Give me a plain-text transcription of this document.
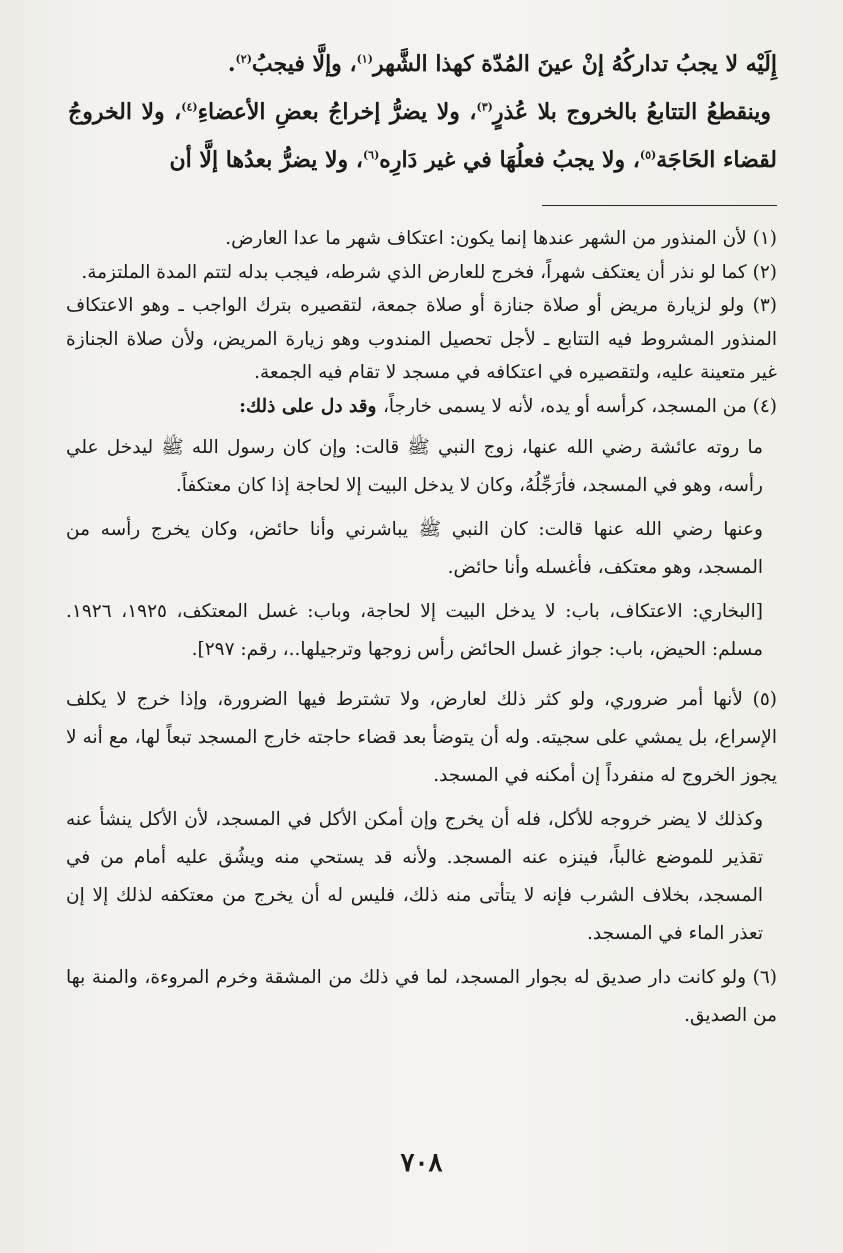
إِلَيْه لا يجبُ تداركُهُ إنْ عينَ المُدّة كهذا الشَّهر$^{(١)}$، وإلَّا فيجبُ$^{(٢)}$.

وينقطعُ التتابعُ بالخروج بلا عُذرٍ$^{(٣)}$، ولا يضرُّ إخراجُ بعضِ الأعضاءِ$^{(٤)}$، ولا الخروجُ لقضاء الحَاجَة$^{(٥)}$، ولا يجبُ فعلُهَا في غير دَارِه$^{(٦)}$، ولا يضرُّ بعدُها إلَّا أن

(١) لأن المنذور من الشهر عندها إنما يكون: اعتكاف شهر ما عدا العارض.

(٢) كما لو نذر أن يعتكف شهراً، فخرج للعارض الذي شرطه، فيجب بدله لتتم المدة الملتزمة.

(٣) ولو لزيارة مريض أو صلاة جنازة أو صلاة جمعة، لتقصيره بترك الواجب ـ وهو الاعتكاف المنذور المشروط فيه التتابع ـ لأجل تحصيل المندوب وهو زيارة المريض، ولأن صلاة الجنازة غير متعينة عليه، ولتقصيره في اعتكافه في مسجد لا تقام فيه الجمعة.

(٤) من المسجد، كرأسه أو يده، لأنه لا يسمى خارجاً، وقد دل على ذلك:

ما روته عائشة رضي الله عنها، زوج النبي ﷺ قالت: وإن كان رسول الله ﷺ ليدخل علي رأسه، وهو في المسجد، فأرَجِّلُهُ، وكان لا يدخل البيت إلا لحاجة إذا كان معتكفاً.

وعنها رضي الله عنها قالت: كان النبي ﷺ يباشرني وأنا حائض، وكان يخرج رأسه من المسجد، وهو معتكف، فأغسله وأنا حائض.

[البخاري: الاعتكاف، باب: لا يدخل البيت إلا لحاجة، وباب: غسل المعتكف، ١٩٢٥، ١٩٢٦. مسلم: الحيض، باب: جواز غسل الحائض رأس زوجها وترجيلها..، رقم: ٢٩٧].

(٥) لأنها أمر ضروري، ولو كثر ذلك لعارض، ولا تشترط فيها الضرورة، وإذا خرج لا يكلف الإسراع، بل يمشي على سجيته. وله أن يتوضأ بعد قضاء حاجته خارج المسجد تبعاً لها، مع أنه لا يجوز الخروج له منفرداً إن أمكنه في المسجد.

وكذلك لا يضر خروجه للأكل، فله أن يخرج وإن أمكن الأكل في المسجد، لأن الأكل ينشأ عنه تقذير للموضع غالباً، فينزه عنه المسجد. ولأنه قد يستحي منه ويشُق عليه أمام من في المسجد، بخلاف الشرب فإنه لا يتأتى منه ذلك، فليس له أن يخرج من معتكفه لذلك إلا إن تعذر الماء في المسجد.

(٦) ولو كانت دار صديق له بجوار المسجد، لما في ذلك من المشقة وخرم المروءة، والمنة بها من الصديق.

٧٠٨
